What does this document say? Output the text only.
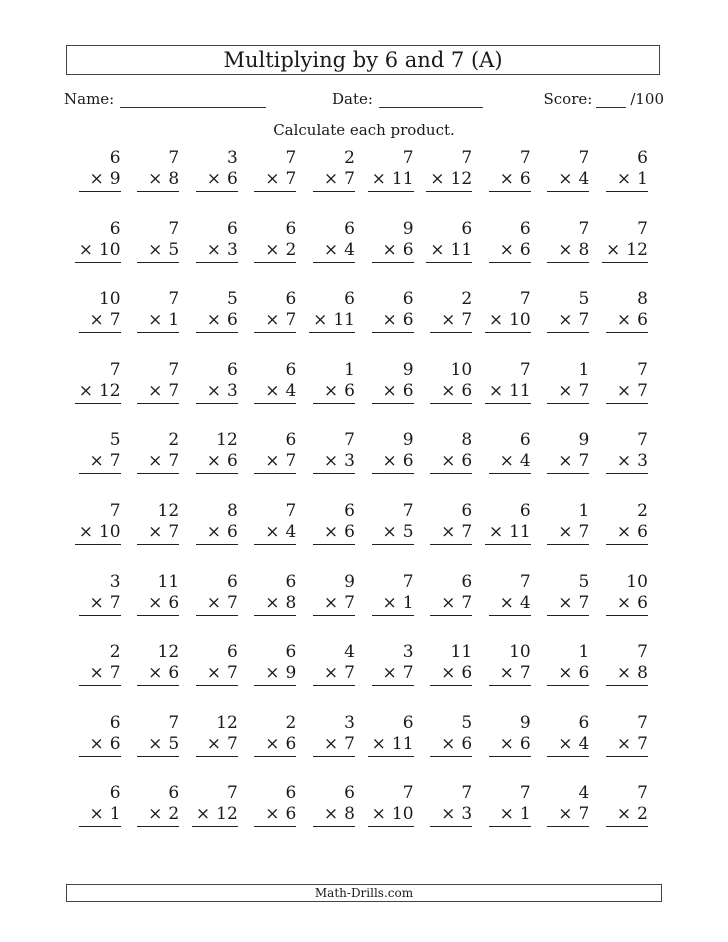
Multiplying by 6 and 7 (A)
Name:	Date:	Score:	/100
Calculate each product.
6
× 9
7
× 8
3
× 6
7
× 7
2
× 7
7
× 11
7
× 12
7
× 6
7
× 4
6
× 1
6
× 10
7
× 5
6
× 3
6
× 2
6
× 4
9
× 6
6
× 11
6
× 6
7
× 8
7
× 12
10
× 7
7
× 1
5
× 6
6
× 7
6
× 11
6
× 6
2
× 7
7
× 10
5
× 7
8
× 6
7
× 12
7
× 7
6
× 3
6
× 4
1
× 6
9
× 6
10
× 6
7
× 11
1
× 7
7
× 7
5
× 7
2
× 7
12
× 6
6
× 7
7
× 3
9
× 6
8
× 6
6
× 4
9
× 7
7
× 3
7
× 10
12
× 7
8
× 6
7
× 4
6
× 6
7
× 5
6
× 7
6
× 11
1
× 7
2
× 6
3
× 7
11
× 6
6
× 7
6
× 8
9
× 7
7
× 1
6
× 7
7
× 4
5
× 7
10
× 6
2
× 7
12
× 6
6
× 7
6
× 9
4
× 7
3
× 7
11
× 6
10
× 7
1
× 6
7
× 8
6
× 6
7
× 5
12
× 7
2
× 6
3
× 7
6
× 11
5
× 6
9
× 6
6
× 4
7
× 7
6
× 1
6
× 2
7
× 12
6
× 6
6
× 8
7
× 10
7
× 3
7
× 1
4
× 7
7
× 2
Math-Drills.com
